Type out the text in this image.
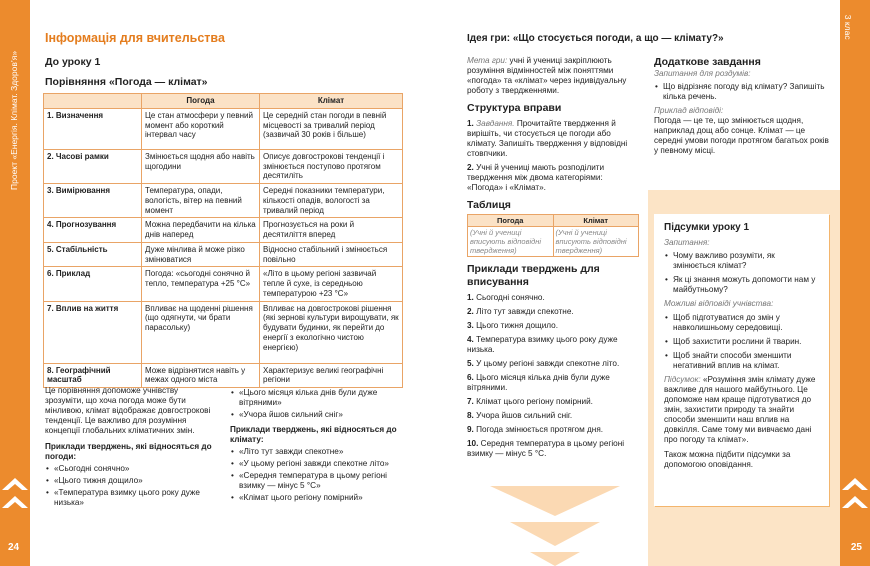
24
Проект «Енергія. Клімат. Здоров’я»
25
3 клас
Інформація для вчительства
До уроку 1
Порівняння «Погода — клімат»
	Погода	Клімат
1. Визначення	Це стан атмосфери у певний момент або короткий інтервал часу	Це середній стан погоди в певній місцевості за тривалий період (зазвичай 30 років і більше)
2. Часові рамки	Змінюється щодня або навіть щогодини	Описує довгострокові тенденції і змінюється поступово протягом десятиліть
3. Вимірювання	Температура, опади, вологість, вітер на певний момент	Середні показники температури, кількості опадів, вологості за тривалий період
4. Прогнозування	Можна передбачити на кілька днів наперед	Прогнозується на роки й десятиліття вперед
5. Стабільність	Дуже мінлива й може різко змінюватися	Відносно стабільний і змінюється повільно
6. Приклад	Погода: «сьогодні сонячно й тепло, температура +25 °С»	«Літо в цьому регіоні зазвичай тепле й сухе, із середньою температурою +23 °С»
7. Вплив на життя	Впливає на щоденні рішення (що одягнути, чи брати парасольку)	Впливає на довгострокові рішення (які зернові культури вирощувати, як будувати будинки, як перейти до енергії з екологічно чистою енергією)
8. Географічний масштаб	Може відрізнятися навіть у межах одного міста	Характеризує великі географічні регіони
Це порівняння допоможе учнівству зрозуміти, що хоча погода може бути мінливою, клімат відображає довгострокові тенденції. Це важливо для розуміння концепції глобальних кліматичних змін.
Приклади тверджень, які відносяться до погоди:
• «Сьогодні сонячно»
• «Цього тижня дощило»
• «Температура взимку цього року дуже низька»
• «Цього місяця кілька днів були дуже вітряними»
• «Учора йшов сильний сніг»
Приклади тверджень, які відносяться до клімату:
• «Літо тут завжди спекотне»
• «У цьому регіоні завжди спекотне літо»
• «Середня температура в цьому регіоні взимку — мінус 5 °С»
• «Клімат цього регіону помірний»
Ідея гри: «Що стосується погоди, а що — клімату?»
Мета гри: учні й учениці закріплюють розуміння відмінностей між поняттями «погода» та «клімат» через індивідуальну роботу з твердженнями.
Структура вправи
1. Завдання. Прочитайте твердження й вирішіть, чи стосується це погоди або клімату. Запишіть твердження у відповідні стовпчики.
2. Учні й учениці мають розподілити твердження між двома категоріями: «Погода» і «Клімат».
Таблиця
Погода	Клімат
(Учні й учениці вписують відповідні твердження)	(Учні й учениці вписують відповідні твердження)
Приклади тверджень для вписування
1. Сьогодні сонячно.
2. Літо тут завжди спекотне.
3. Цього тижня дощило.
4. Температура взимку цього року дуже низька.
5. У цьому регіоні завжди спекотне літо.
6. Цього місяця кілька днів були дуже вітряними.
7. Клімат цього регіону помірний.
8. Учора йшов сильний сніг.
9. Погода змінюється протягом дня.
10. Середня температура в цьому регіоні взимку — мінус 5 °С.
Додаткове завдання
Запитання для роздумів:
• Що відрізняє погоду від клімату? Запишіть кілька речень.
Приклад відповіді:
Погода — це те, що змінюється щодня, наприклад дощ або сонце. Клімат — це середні умови погоди протягом багатьох років у певному місці.
Підсумки уроку 1
Запитання:
• Чому важливо розуміти, як змінюється клімат?
• Як ці знання можуть допомогти нам у майбутньому?
Можливі відповіді учнівства:
• Щоб підготуватися до змін у навколишньому середовищі.
• Щоб захистити рослини й тварин.
• Щоб знайти способи зменшити негативний вплив на клімат.
Підсумок: «Розуміння змін клімату дуже важливе для нашого майбутнього. Це допоможе нам краще підготуватися до змін, захистити природу та знайти способи зменшити наш вплив на довкілля. Саме тому ми вивчаємо дані про погоду та клімат».
Також можна підбити підсумки за допомогою оповідання.
